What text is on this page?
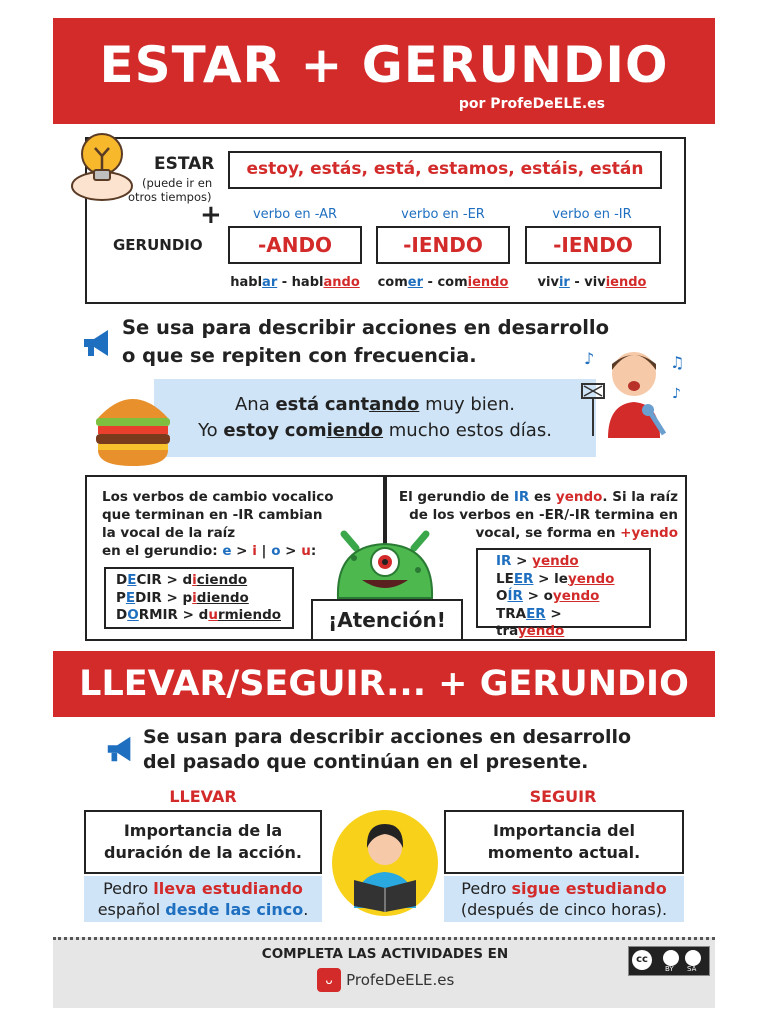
ESTAR + GERUNDIO
por ProfeDeELE.es
ESTAR
(puede ir en
otros tiempos)
+
GERUNDIO
estoy, estás, está, estamos, estáis, están
verbo en -AR	verbo en -ER	verbo en -IR
-ANDO	-IENDO	-IENDO
hablar - hablando	comer - comiendo	vivir - viviendo
Se usa para describir acciones en desarrollo
o que se repiten con frecuencia.
Ana está cantando muy bien.
Yo estoy comiendo mucho estos días.
♪	♫
♪
Los verbos de cambio vocalico
que terminan en -IR cambian
la vocal de la raíz
en el gerundio: e > i | o > u:
DECIR > diciendo
PEDIR > pidiendo
DORMIR > durmiendo
El gerundio de IR es yendo. Si la raíz
de los verbos en -ER/-IR termina en
vocal, se forma en +yendo
IR > yendo
LEER > leyendo
OÍR > oyendo
TRAER > trayendo
¡Atención!
LLEVAR/SEGUIR... + GERUNDIO
Se usan para describir acciones en desarrollo
del pasado que continúan en el presente.
LLEVAR	SEGUIR
Importancia de la
duración de la acción.
Importancia del
momento actual.
Pedro lleva estudiando
español desde las cinco.
Pedro sigue estudiando
(después de cinco horas).
COMPLETA LAS ACTIVIDADES EN
ᴗ ProfeDeELE.es
cc
BY SA
